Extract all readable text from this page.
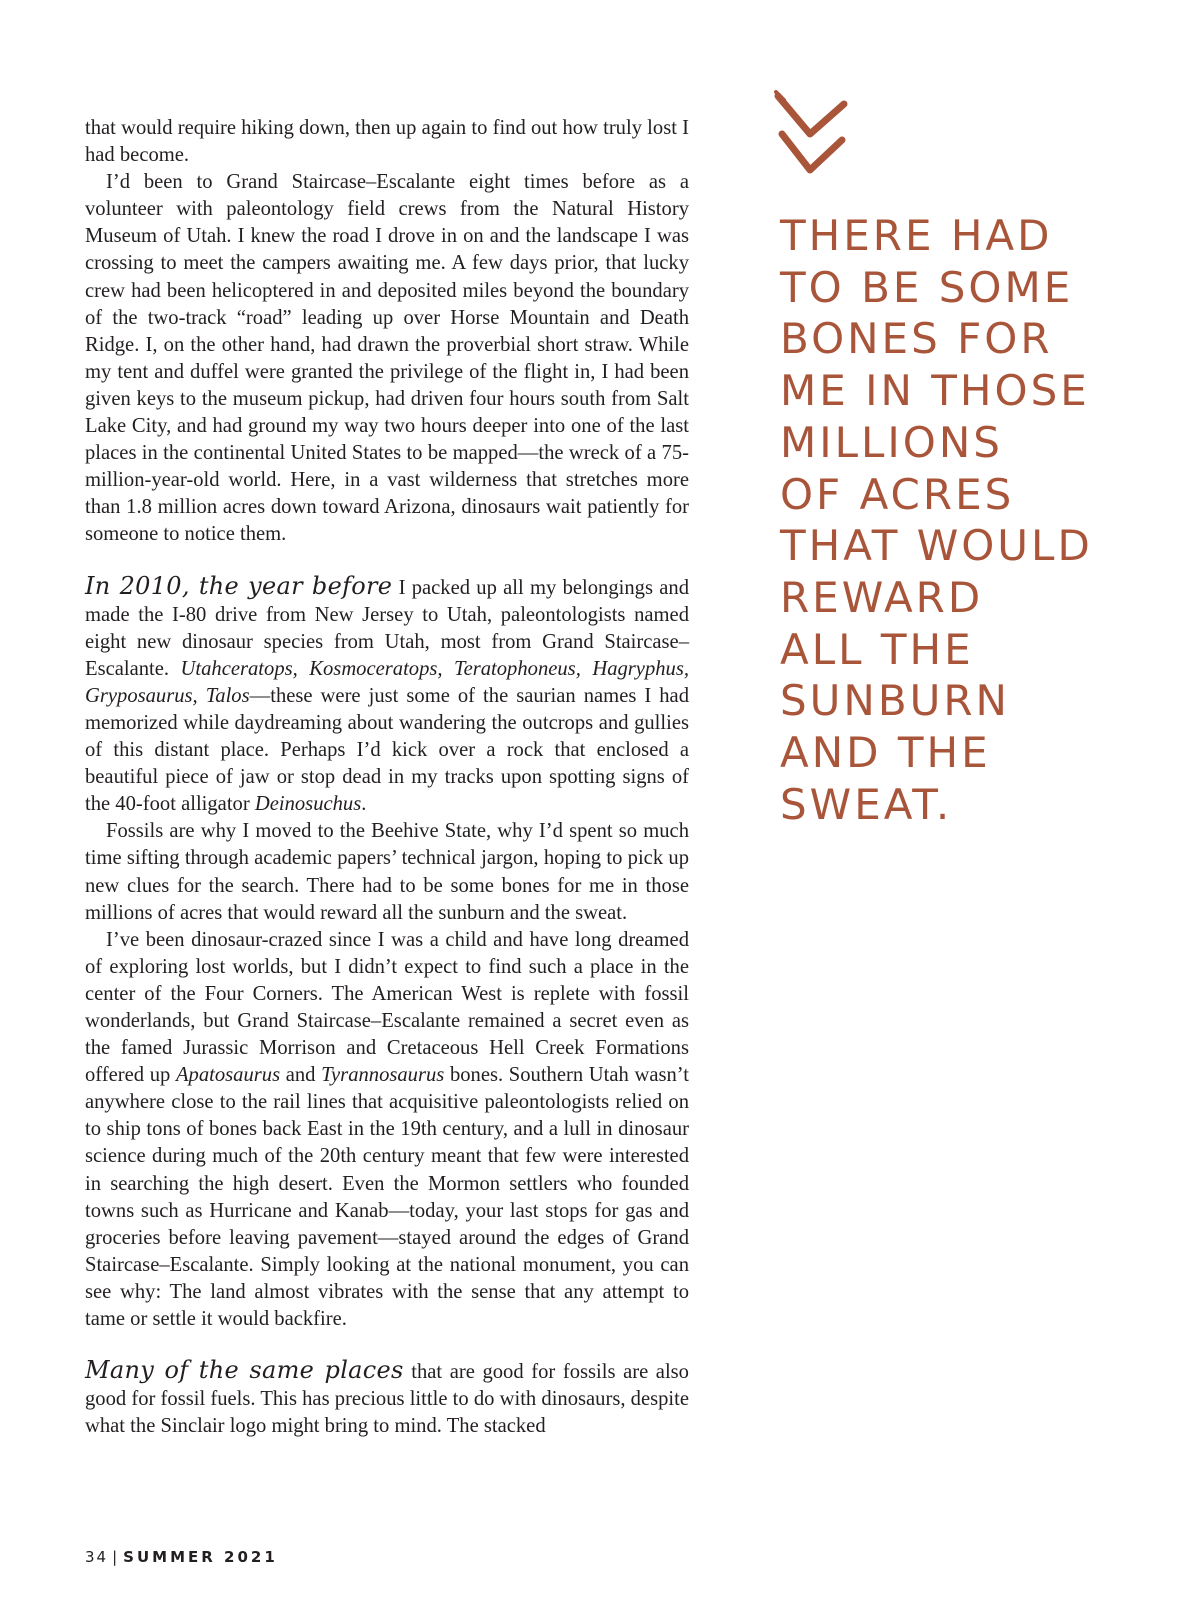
that would require hiking down, then up again to find out how truly lost I had become.

I’d been to Grand Staircase–Escalante eight times before as a volunteer with paleontology field crews from the Natural History Museum of Utah. I knew the road I drove in on and the landscape I was crossing to meet the campers awaiting me. A few days prior, that lucky crew had been helicoptered in and deposited miles beyond the boundary of the two-track “road” leading up over Horse Mountain and Death Ridge. I, on the other hand, had drawn the proverbial short straw. While my tent and duffel were granted the privilege of the flight in, I had been given keys to the museum pickup, had driven four hours south from Salt Lake City, and had ground my way two hours deeper into one of the last places in the continental United States to be mapped—the wreck of a 75-million-year-old world. Here, in a vast wilderness that stretches more than 1.8 million acres down toward Arizona, dinosaurs wait patiently for someone to notice them.

In 2010, the year before I packed up all my belongings and made the I-80 drive from New Jersey to Utah, paleontologists named eight new dinosaur species from Utah, most from Grand Staircase–Escalante. Utahceratops, Kosmoceratops, Teratophoneus, Hagryphus, Gryposaurus, Talos—these were just some of the saurian names I had memorized while daydreaming about wandering the outcrops and gullies of this distant place. Perhaps I’d kick over a rock that enclosed a beautiful piece of jaw or stop dead in my tracks upon spotting signs of the 40-foot alligator Deinosuchus.

Fossils are why I moved to the Beehive State, why I’d spent so much time sifting through academic papers’ technical jargon, hoping to pick up new clues for the search. There had to be some bones for me in those millions of acres that would reward all the sunburn and the sweat.

I’ve been dinosaur-crazed since I was a child and have long dreamed of exploring lost worlds, but I didn’t expect to find such a place in the center of the Four Corners. The American West is replete with fossil wonderlands, but Grand Staircase–Escalante remained a secret even as the famed Jurassic Morrison and Cretaceous Hell Creek Formations offered up Apatosaurus and Tyrannosaurus bones. Southern Utah wasn’t anywhere close to the rail lines that acquisitive paleontologists relied on to ship tons of bones back East in the 19th century, and a lull in dinosaur science during much of the 20th century meant that few were interested in searching the high desert. Even the Mormon settlers who founded towns such as Hurricane and Kanab—today, your last stops for gas and groceries before leaving pavement—stayed around the edges of Grand Staircase–Escalante. Simply looking at the national monument, you can see why: The land almost vibrates with the sense that any attempt to tame or settle it would backfire.

Many of the same places that are good for fossils are also good for fossil fuels. This has precious little to do with dinosaurs, despite what the Sinclair logo might bring to mind. The stacked

THERE HAD
TO BE SOME
BONES FOR
ME IN THOSE
MILLIONS
OF ACRES
THAT WOULD
REWARD
ALL THE
SUNBURN
AND THE
SWEAT.
34 | SUMMER 2021
